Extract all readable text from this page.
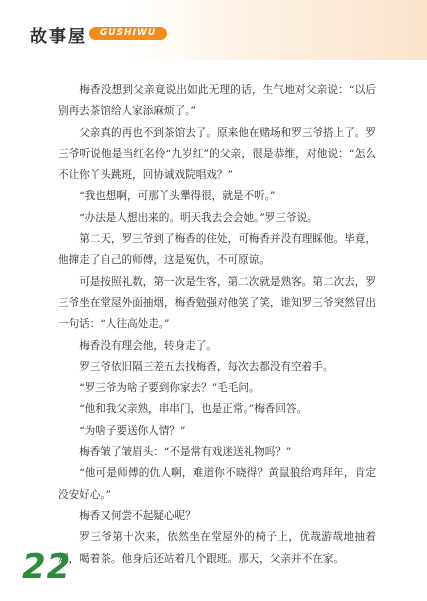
故事屋	GUSHIWU

梅香没想到父亲竟说出如此无理的话，生气地对父亲说：“以后别再去茶馆给人家添麻烦了。”

父亲真的再也不到茶馆去了。原来他在赌场和罗三爷搭上了。罗三爷听说他是当红名伶“九岁红”的父亲，很是恭维，对他说：“怎么不让你丫头跳班，回协诚戏院唱戏？”

“我也想啊，可那丫头犟得很，就是不听。”

“办法是人想出来的。明天我去会会她。”罗三爷说。

第二天，罗三爷到了梅香的住处，可梅香并没有理睬他。毕竟，他撺走了自己的师傅，这是冤仇，不可原谅。

可是按照礼数，第一次是生客，第二次就是熟客。第二次去，罗三爷坐在堂屋外面抽烟，梅香勉强对他笑了笑，谁知罗三爷突然冒出一句话：“人往高处走。”

梅香没有理会他，转身走了。

罗三爷依旧隔三差五去找梅香，每次去都没有空着手。

“罗三爷为啥子要到你家去？”毛毛问。

“他和我父亲熟，串串门，也是正常。”梅香回答。

“为啥子要送你人情？”

梅香皱了皱眉头：“不是常有戏迷送礼物吗？”

“他可是师傅的仇人啊，难道你不晓得？黄鼠狼给鸡拜年，肯定没安好心。”

梅香又何尝不起疑心呢？

罗三爷第十次来，依然坐在堂屋外的椅子上，优哉游哉地抽着烟，喝着茶。他身后还站着几个跟班。那天，父亲并不在家。

22
